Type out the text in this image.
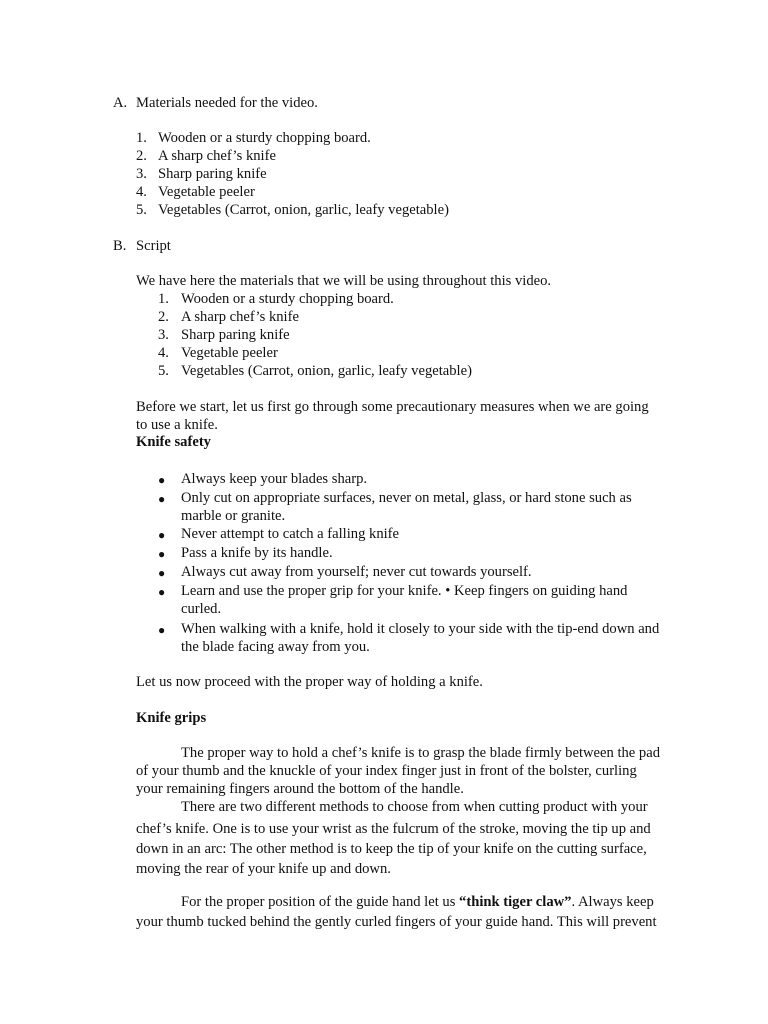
A. Materials needed for the video.
1. Wooden or a sturdy chopping board.
2. A sharp chef’s knife
3. Sharp paring knife
4. Vegetable peeler
5. Vegetables (Carrot, onion, garlic, leafy vegetable)
B. Script
We have here the materials that we will be using throughout this video.
1. Wooden or a sturdy chopping board.
2. A sharp chef’s knife
3. Sharp paring knife
4. Vegetable peeler
5. Vegetables (Carrot, onion, garlic, leafy vegetable)
Before we start, let us first go through some precautionary measures when we are going
to use a knife.
Knife safety
● Always keep your blades sharp.
● Only cut on appropriate surfaces, never on metal, glass, or hard stone such as
marble or granite.
● Never attempt to catch a falling knife
● Pass a knife by its handle.
● Always cut away from yourself; never cut towards yourself.
● Learn and use the proper grip for your knife. • Keep fingers on guiding hand
curled.
● When walking with a knife, hold it closely to your side with the tip-end down and
the blade facing away from you.
Let us now proceed with the proper way of holding a knife.
Knife grips
The proper way to hold a chef’s knife is to grasp the blade firmly between the pad
of your thumb and the knuckle of your index finger just in front of the bolster, curling
your remaining fingers around the bottom of the handle.
There are two different methods to choose from when cutting product with your
chef’s knife. One is to use your wrist as the fulcrum of the stroke, moving the tip up and
down in an arc: The other method is to keep the tip of your knife on the cutting surface,
moving the rear of your knife up and down.
For the proper position of the guide hand let us “think tiger claw”. Always keep
your thumb tucked behind the gently curled fingers of your guide hand. This will prevent
